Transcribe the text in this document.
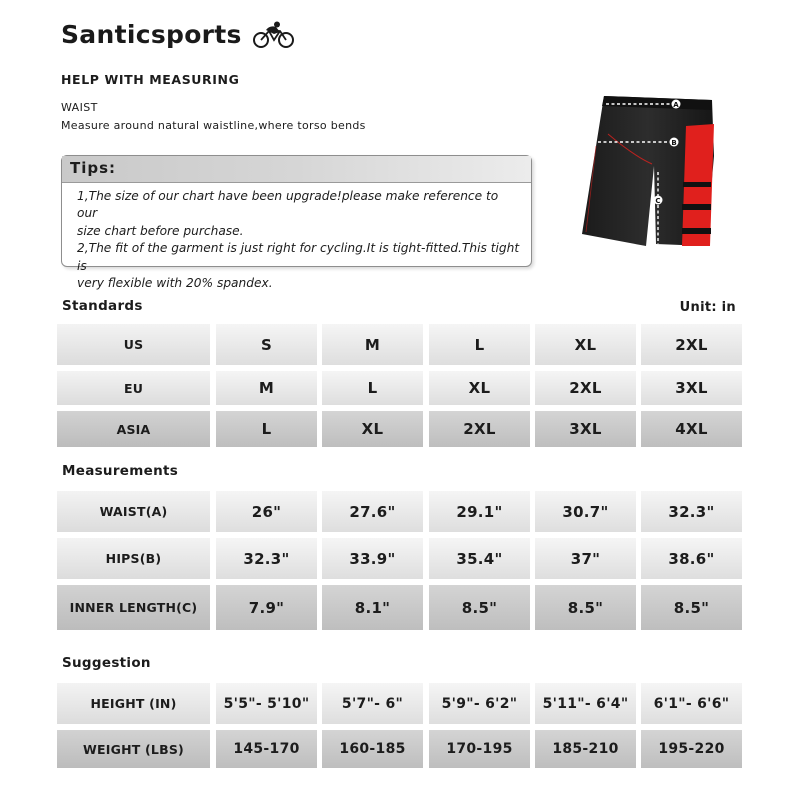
Santicsports
HELP WITH MEASURING
WAIST
Measure around natural waistline,where torso bends
Tips:
1,The size of our chart have been upgrade!please make reference to our
size chart before purchase.
2,The fit of the garment is just right for cycling.It is tight-fitted.This tight is
very flexible with 20% spandex.
A
B
C
Standards	Unit: in
Measurements
Suggestion
US	S	M	L	XL	2XL
EU	M	L	XL	2XL	3XL
ASIA	L	XL	2XL	3XL	4XL
WAIST(A)	26"	27.6"	29.1"	30.7"	32.3"
HIPS(B)	32.3"	33.9"	35.4"	37"	38.6"
INNER LENGTH(C)	7.9"	8.1"	8.5"	8.5"	8.5"
HEIGHT (IN)	5'5"- 5'10"	5'7"- 6"	5'9"- 6'2"	5'11"- 6'4"	6'1"- 6'6"
WEIGHT (LBS)	145-170	160-185	170-195	185-210	195-220
